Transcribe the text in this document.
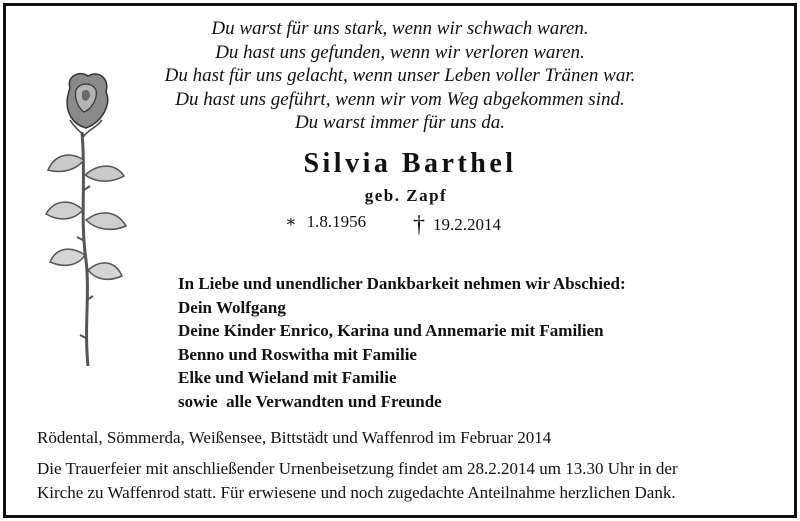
Du warst für uns stark, wenn wir schwach waren.
Du hast uns gefunden, wenn wir verloren waren.
Du hast für uns gelacht, wenn unser Leben voller Tränen war.
Du hast uns geführt, wenn wir vom Weg abgekommen sind.
Du warst immer für uns da.
Silvia Barthel
geb. Zapf
∗ 1.8.1956 † 19.2.2014
In Liebe und unendlicher Dankbarkeit nehmen wir Abschied:
Dein Wolfgang
Deine Kinder Enrico, Karina und Annemarie mit Familien
Benno und Roswitha mit Familie
Elke und Wieland mit Familie
sowie  alle Verwandten und Freunde
Rödental, Sömmerda, Weißensee, Bittstädt und Waffenrod im Februar 2014
Die Trauerfeier mit anschließender Urnenbeisetzung findet am 28.2.2014 um 13.30 Uhr in der
Kirche zu Waffenrod statt. Für erwiesene und noch zugedachte Anteilnahme herzlichen Dank.
